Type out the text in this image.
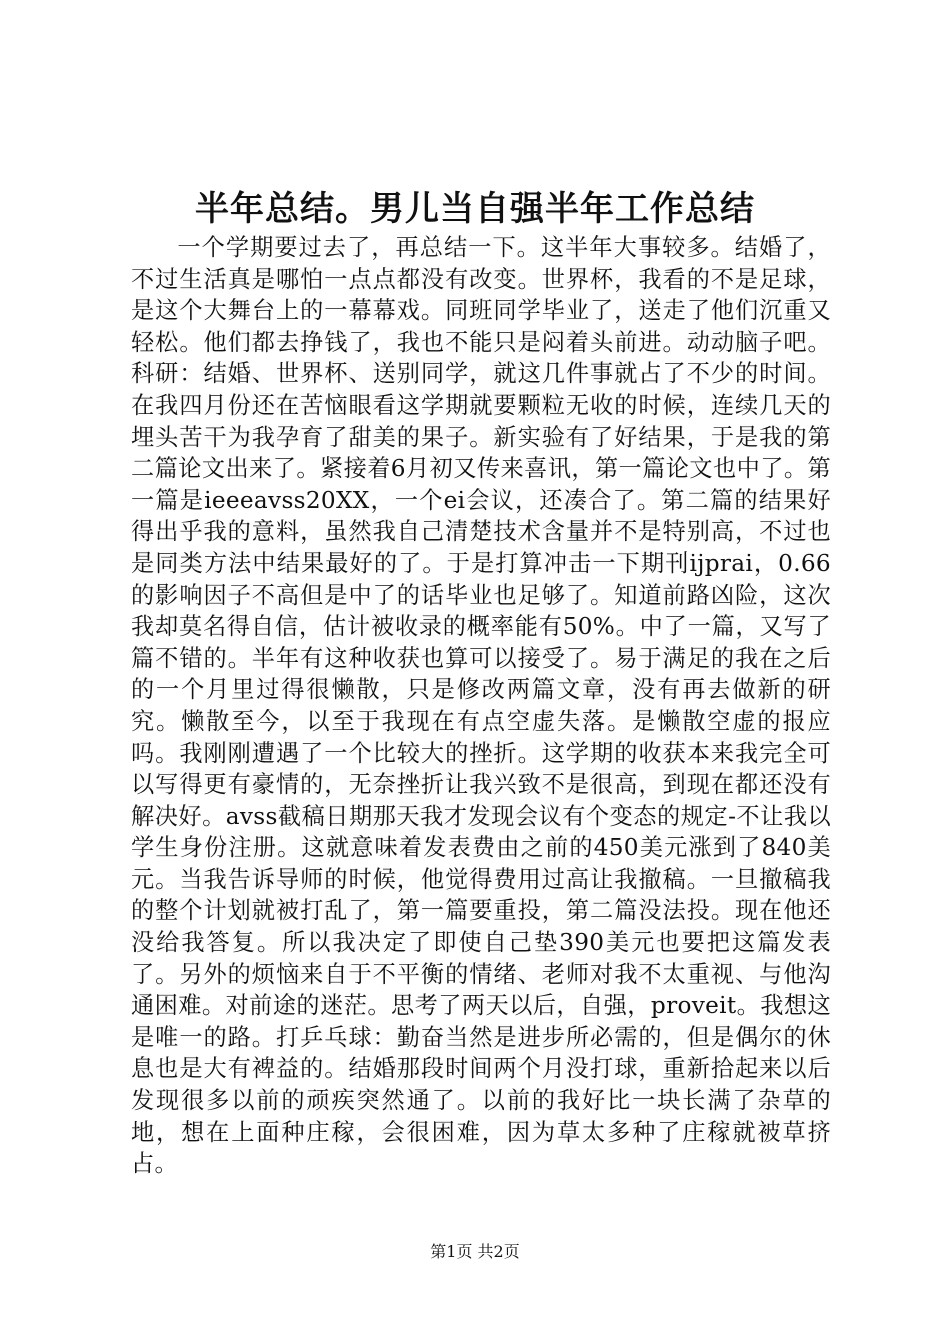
半年总结。男儿当自强半年工作总结

一个学期要过去了，再总结一下。这半年大事较多。结婚了，不过生活真是哪怕一点点都没有改变。世界杯，我看的不是足球，是这个大舞台上的一幕幕戏。同班同学毕业了，送走了他们沉重又轻松。他们都去挣钱了，我也不能只是闷着头前进。动动脑子吧。科研：结婚、世界杯、送别同学，就这几件事就占了不少的时间。在我四月份还在苦恼眼看这学期就要颗粒无收的时候，连续几天的埋头苦干为我孕育了甜美的果子。新实验有了好结果，于是我的第二篇论文出来了。紧接着6月初又传来喜讯，第一篇论文也中了。第一篇是ieeeavss20XX，一个ei会议，还凑合了。第二篇的结果好得出乎我的意料，虽然我自己清楚技术含量并不是特别高，不过也是同类方法中结果最好的了。于是打算冲击一下期刊ijprai，0.66的影响因子不高但是中了的话毕业也足够了。知道前路凶险，这次我却莫名得自信，估计被收录的概率能有50%。中了一篇，又写了篇不错的。半年有这种收获也算可以接受了。易于满足的我在之后的一个月里过得很懒散，只是修改两篇文章，没有再去做新的研究。懒散至今，以至于我现在有点空虚失落。是懒散空虚的报应吗。我刚刚遭遇了一个比较大的挫折。这学期的收获本来我完全可以写得更有豪情的，无奈挫折让我兴致不是很高，到现在都还没有解决好。avss截稿日期那天我才发现会议有个变态的规定-不让我以学生身份注册。这就意味着发表费由之前的450美元涨到了840美元。当我告诉导师的时候，他觉得费用过高让我撤稿。一旦撤稿我的整个计划就被打乱了，第一篇要重投，第二篇没法投。现在他还没给我答复。所以我决定了即使自己垫390美元也要把这篇发表了。另外的烦恼来自于不平衡的情绪、老师对我不太重视、与他沟通困难。对前途的迷茫。思考了两天以后，自强，proveit。我想这是唯一的路。打乒乓球：勤奋当然是进步所必需的，但是偶尔的休息也是大有裨益的。结婚那段时间两个月没打球，重新拾起来以后发现很多以前的顽疾突然通了。以前的我好比一块长满了杂草的地，想在上面种庄稼，会很困难，因为草太多种了庄稼就被草挤占。

第1页 共2页
